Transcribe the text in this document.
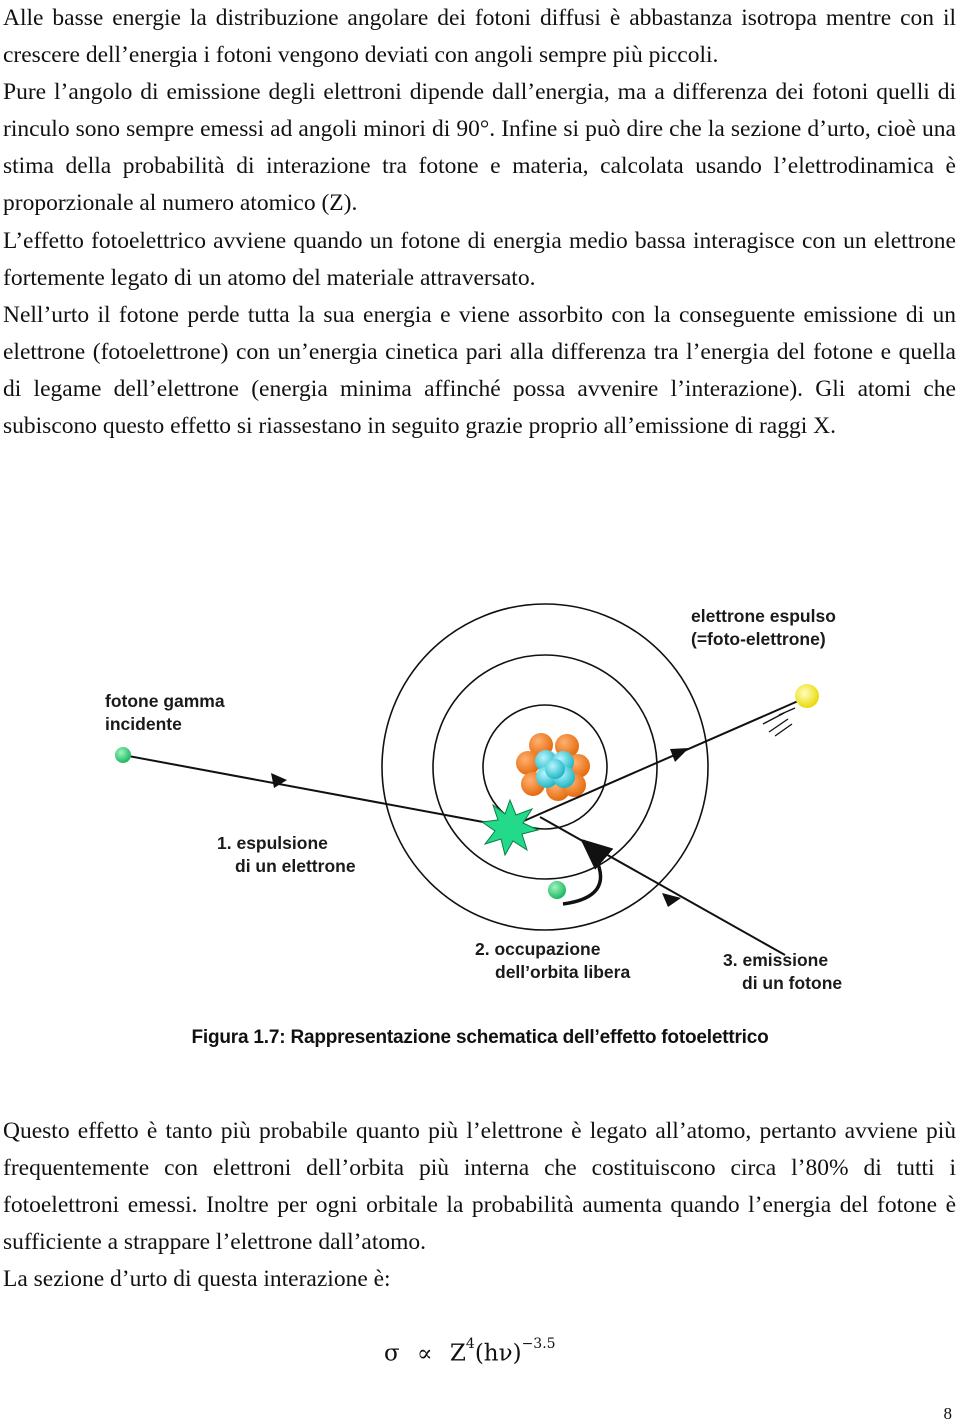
Alle basse energie la distribuzione angolare dei fotoni diffusi è abbastanza isotropa mentre con il crescere dell’energia i fotoni vengono deviati con angoli sempre più piccoli.

Pure l’angolo di emissione degli elettroni dipende dall’energia, ma a differenza dei fotoni quelli di rinculo sono sempre emessi ad angoli minori di 90°. Infine si può dire che la sezione d’urto, cioè una stima della probabilità di interazione tra fotone e materia, calcolata usando l’elettrodinamica è proporzionale al numero atomico (Z).

L’effetto fotoelettrico avviene quando un fotone di energia medio bassa interagisce con un elettrone fortemente legato di un atomo del materiale attraversato.

Nell’urto il fotone perde tutta la sua energia e viene assorbito con la conseguente emissione di un elettrone (fotoelettrone) con un’energia cinetica pari alla differenza tra l’energia del fotone e quella di legame dell’elettrone (energia minima affinché possa avvenire l’interazione). Gli atomi che subiscono questo effetto si riassestano in seguito grazie proprio all’emissione di raggi X.

elettrone espulso
(=foto-elettrone)
fotone gamma
incidente
1. espulsione
di un elettrone
2. occupazione
dell’orbita libera
3. emissione
di un fotone
Figura 1.7: Rappresentazione schematica dell’effetto fotoelettrico

Questo effetto è tanto più probabile quanto più l’elettrone è legato all’atomo, pertanto avviene più frequentemente con elettroni dell’orbita più interna che costituiscono circa l’80% di tutti i fotoelettroni emessi. Inoltre per ogni orbitale la probabilità aumenta quando l’energia del fotone è sufficiente a strappare l’elettrone dall’atomo.

La sezione d’urto di questa interazione è:

$\sigma \propto Z^4(h\nu)^{-3.5}$
8
